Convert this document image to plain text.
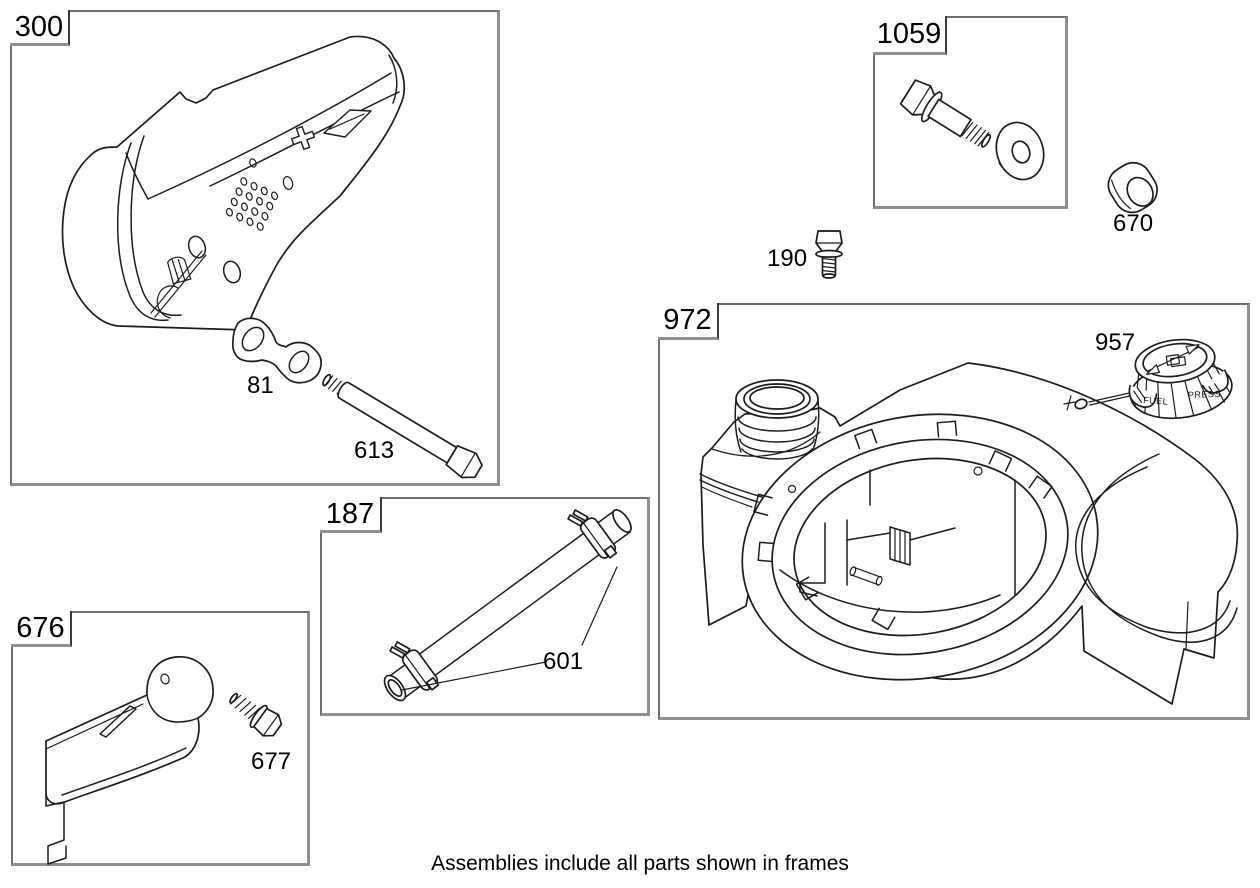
300	1059
972
187
676
FUEL
PRESS
81
613
190
670
957
601
677
Assemblies include all parts shown in frames
